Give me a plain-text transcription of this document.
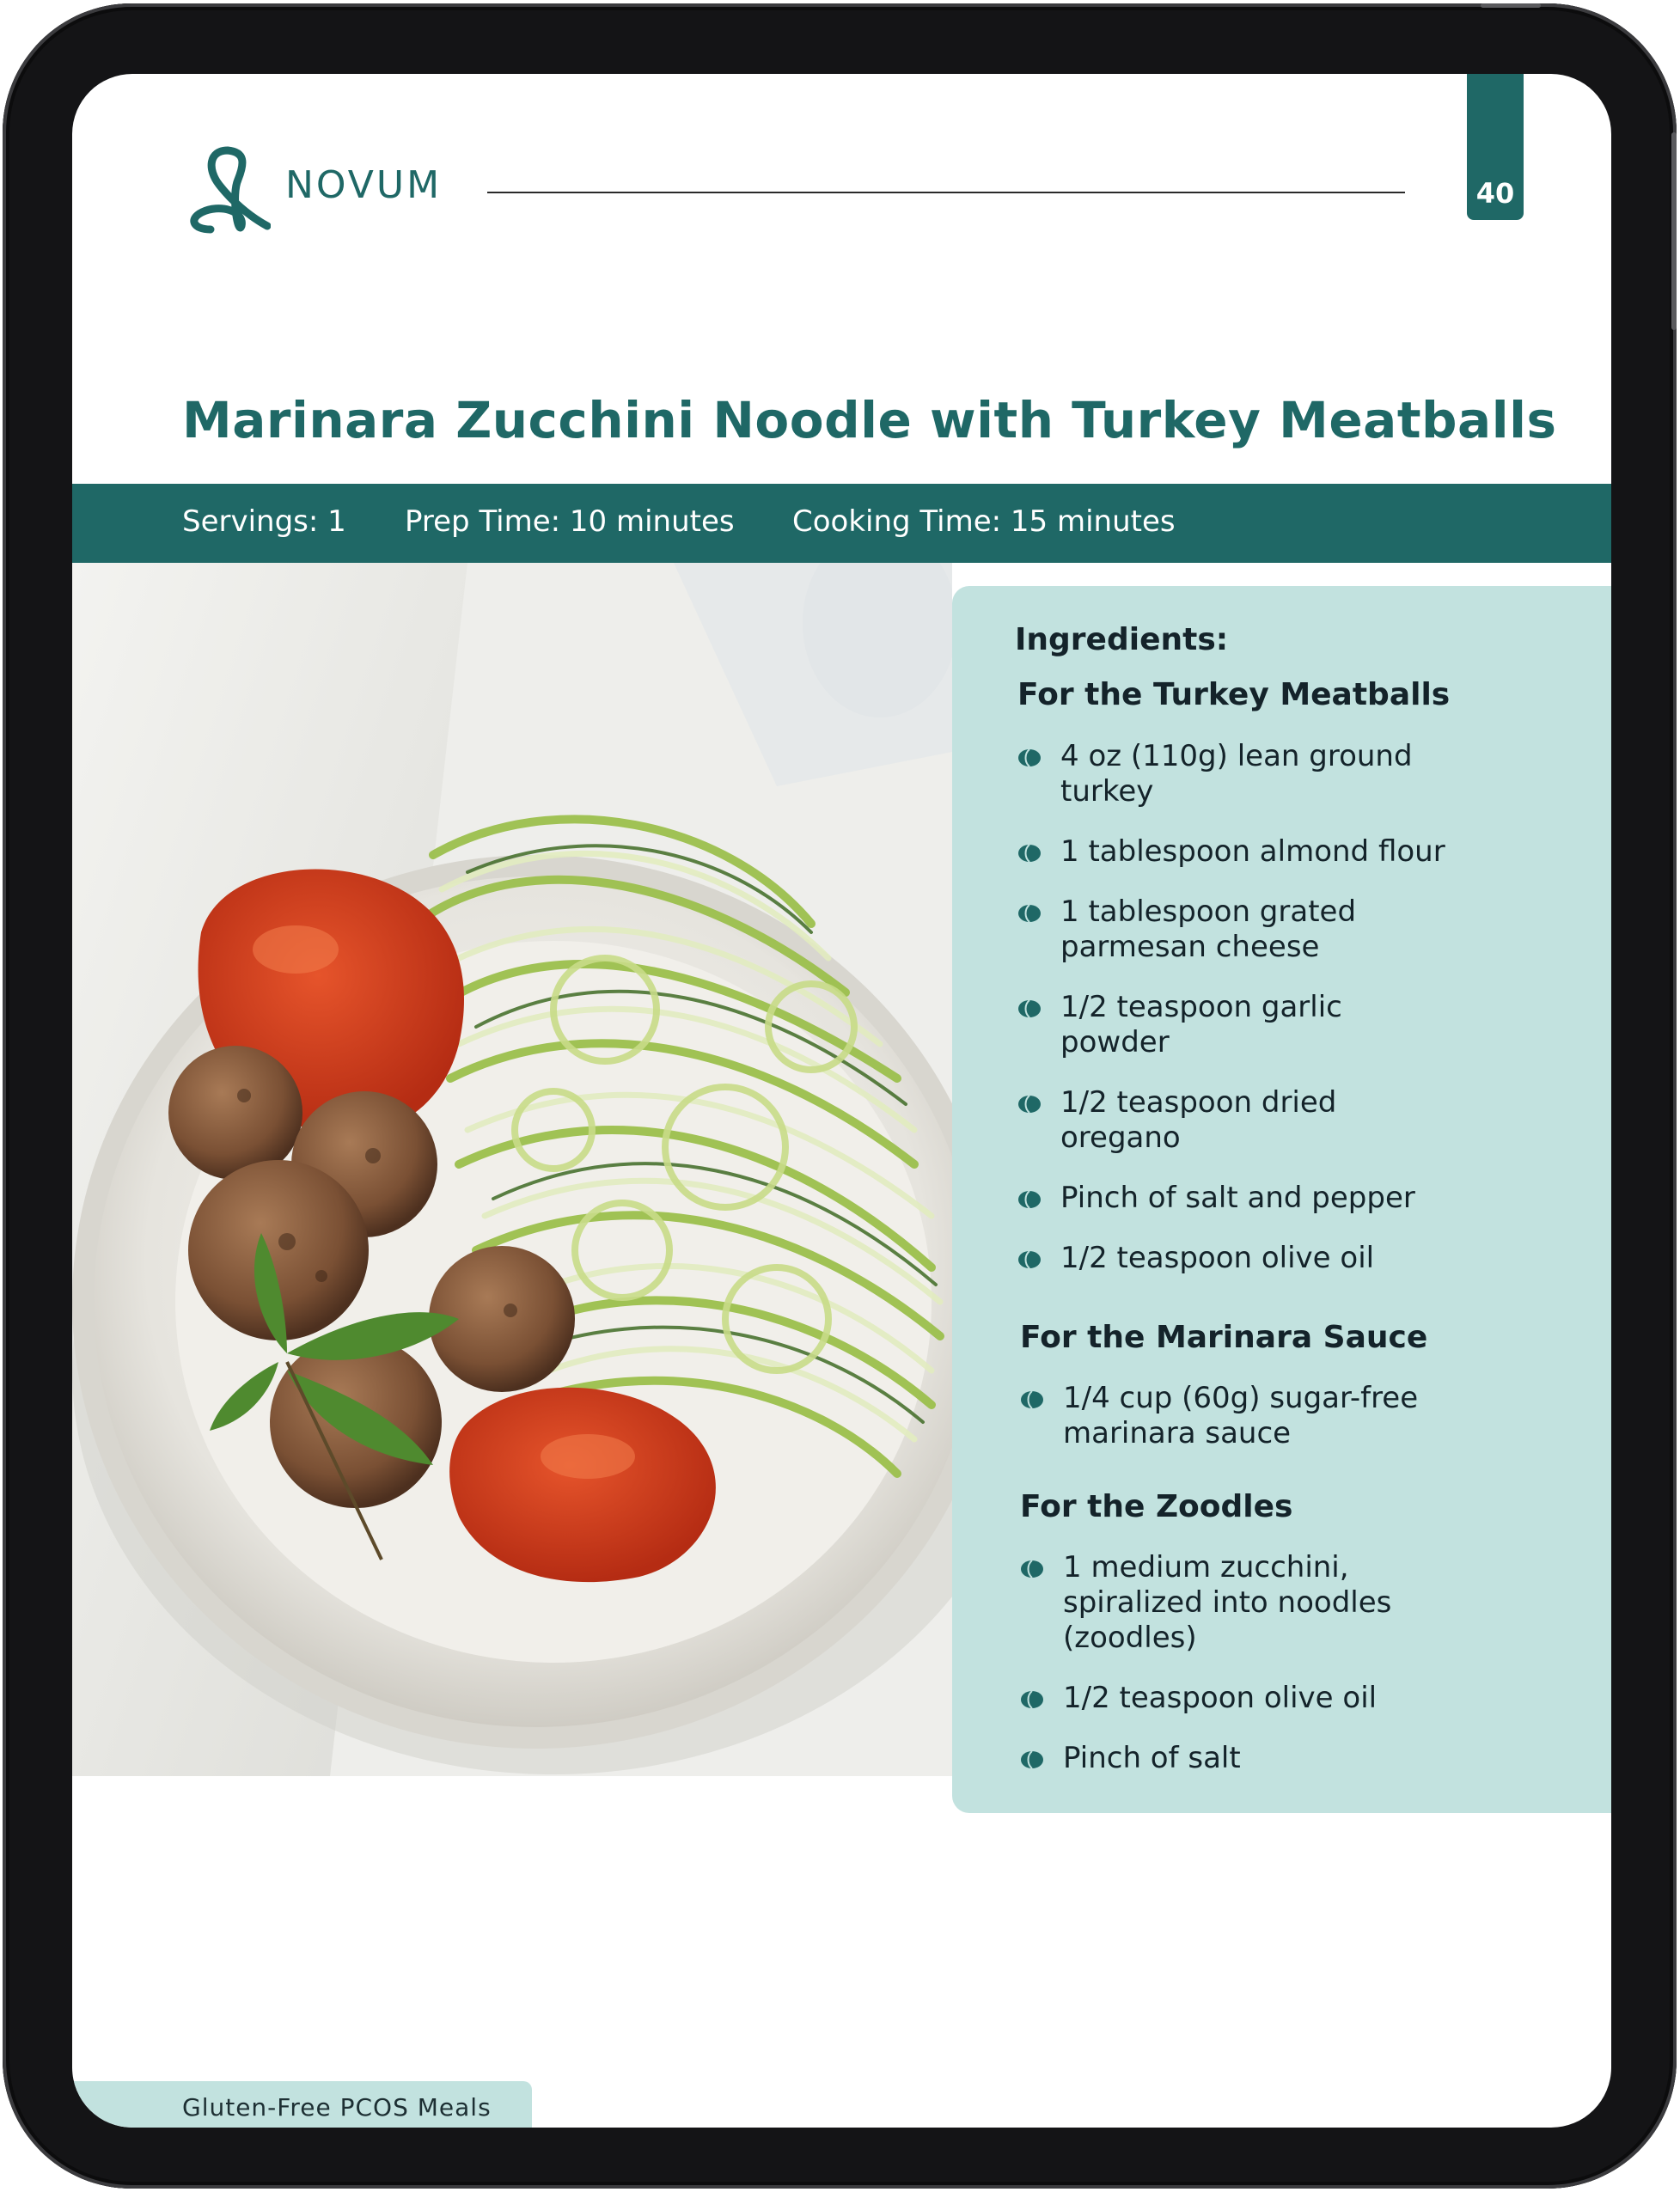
NOVUM	40
Marinara Zucchini Noodle with Turkey Meatballs
Servings: 1 Prep Time: 10 minutes Cooking Time: 15 minutes
Ingredients:
For the Turkey Meatballs
4 oz (110g) lean ground turkey
1 tablespoon almond flour
1 tablespoon grated parmesan cheese
1/2 teaspoon garlic powder
1/2 teaspoon dried oregano
Pinch of salt and pepper
1/2 teaspoon olive oil
For the Marinara Sauce
1/4 cup (60g) sugar-free marinara sauce
For the Zoodles
1 medium zucchini, spiralized into noodles (zoodles)
1/2 teaspoon olive oil
Pinch of salt
Gluten-Free PCOS Meals
